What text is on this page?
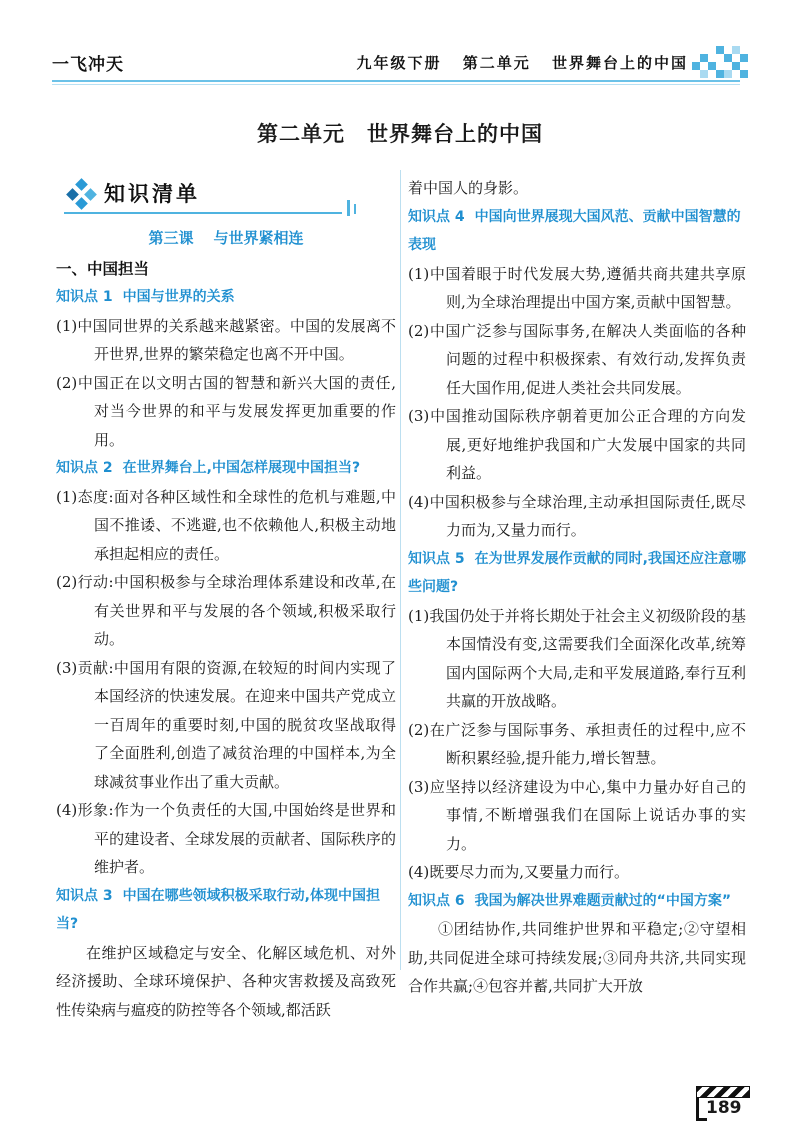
一飞冲天	九年级下册 第二单元 世界舞台上的中国
第二单元 世界舞台上的中国
知识清单
第三课 与世界紧相连
一、中国担当
知识点 1 中国与世界的关系
(1)中国同世界的关系越来越紧密。中国的发展离不开世界,世界的繁荣稳定也离不开中国。
(2)中国正在以文明古国的智慧和新兴大国的责任,对当今世界的和平与发展发挥更加重要的作用。
知识点 2 在世界舞台上,中国怎样展现中国担当?
(1)态度:面对各种区域性和全球性的危机与难题,中国不推诿、不逃避,也不依赖他人,积极主动地承担起相应的责任。
(2)行动:中国积极参与全球治理体系建设和改革,在有关世界和平与发展的各个领域,积极采取行动。
(3)贡献:中国用有限的资源,在较短的时间内实现了本国经济的快速发展。在迎来中国共产党成立一百周年的重要时刻,中国的脱贫攻坚战取得了全面胜利,创造了减贫治理的中国样本,为全球减贫事业作出了重大贡献。
(4)形象:作为一个负责任的大国,中国始终是世界和平的建设者、全球发展的贡献者、国际秩序的维护者。
知识点 3 中国在哪些领域积极采取行动,体现中国担当?
在维护区域稳定与安全、化解区域危机、对外经济援助、全球环境保护、各种灾害救援及高致死性传染病与瘟疫的防控等各个领域,都活跃
着中国人的身影。
知识点 4 中国向世界展现大国风范、贡献中国智慧的表现
(1)中国着眼于时代发展大势,遵循共商共建共享原则,为全球治理提出中国方案,贡献中国智慧。
(2)中国广泛参与国际事务,在解决人类面临的各种问题的过程中积极探索、有效行动,发挥负责任大国作用,促进人类社会共同发展。
(3)中国推动国际秩序朝着更加公正合理的方向发展,更好地维护我国和广大发展中国家的共同利益。
(4)中国积极参与全球治理,主动承担国际责任,既尽力而为,又量力而行。
知识点 5 在为世界发展作贡献的同时,我国还应注意哪些问题?
(1)我国仍处于并将长期处于社会主义初级阶段的基本国情没有变,这需要我们全面深化改革,统筹国内国际两个大局,走和平发展道路,奉行互利共赢的开放战略。
(2)在广泛参与国际事务、承担责任的过程中,应不断积累经验,提升能力,增长智慧。
(3)应坚持以经济建设为中心,集中力量办好自己的事情,不断增强我们在国际上说话办事的实力。
(4)既要尽力而为,又要量力而行。
知识点 6 我国为解决世界难题贡献过的“中国方案”
①团结协作,共同维护世界和平稳定;②守望相助,共同促进全球可持续发展;③同舟共济,共同实现合作共赢;④包容并蓄,共同扩大开放
189
